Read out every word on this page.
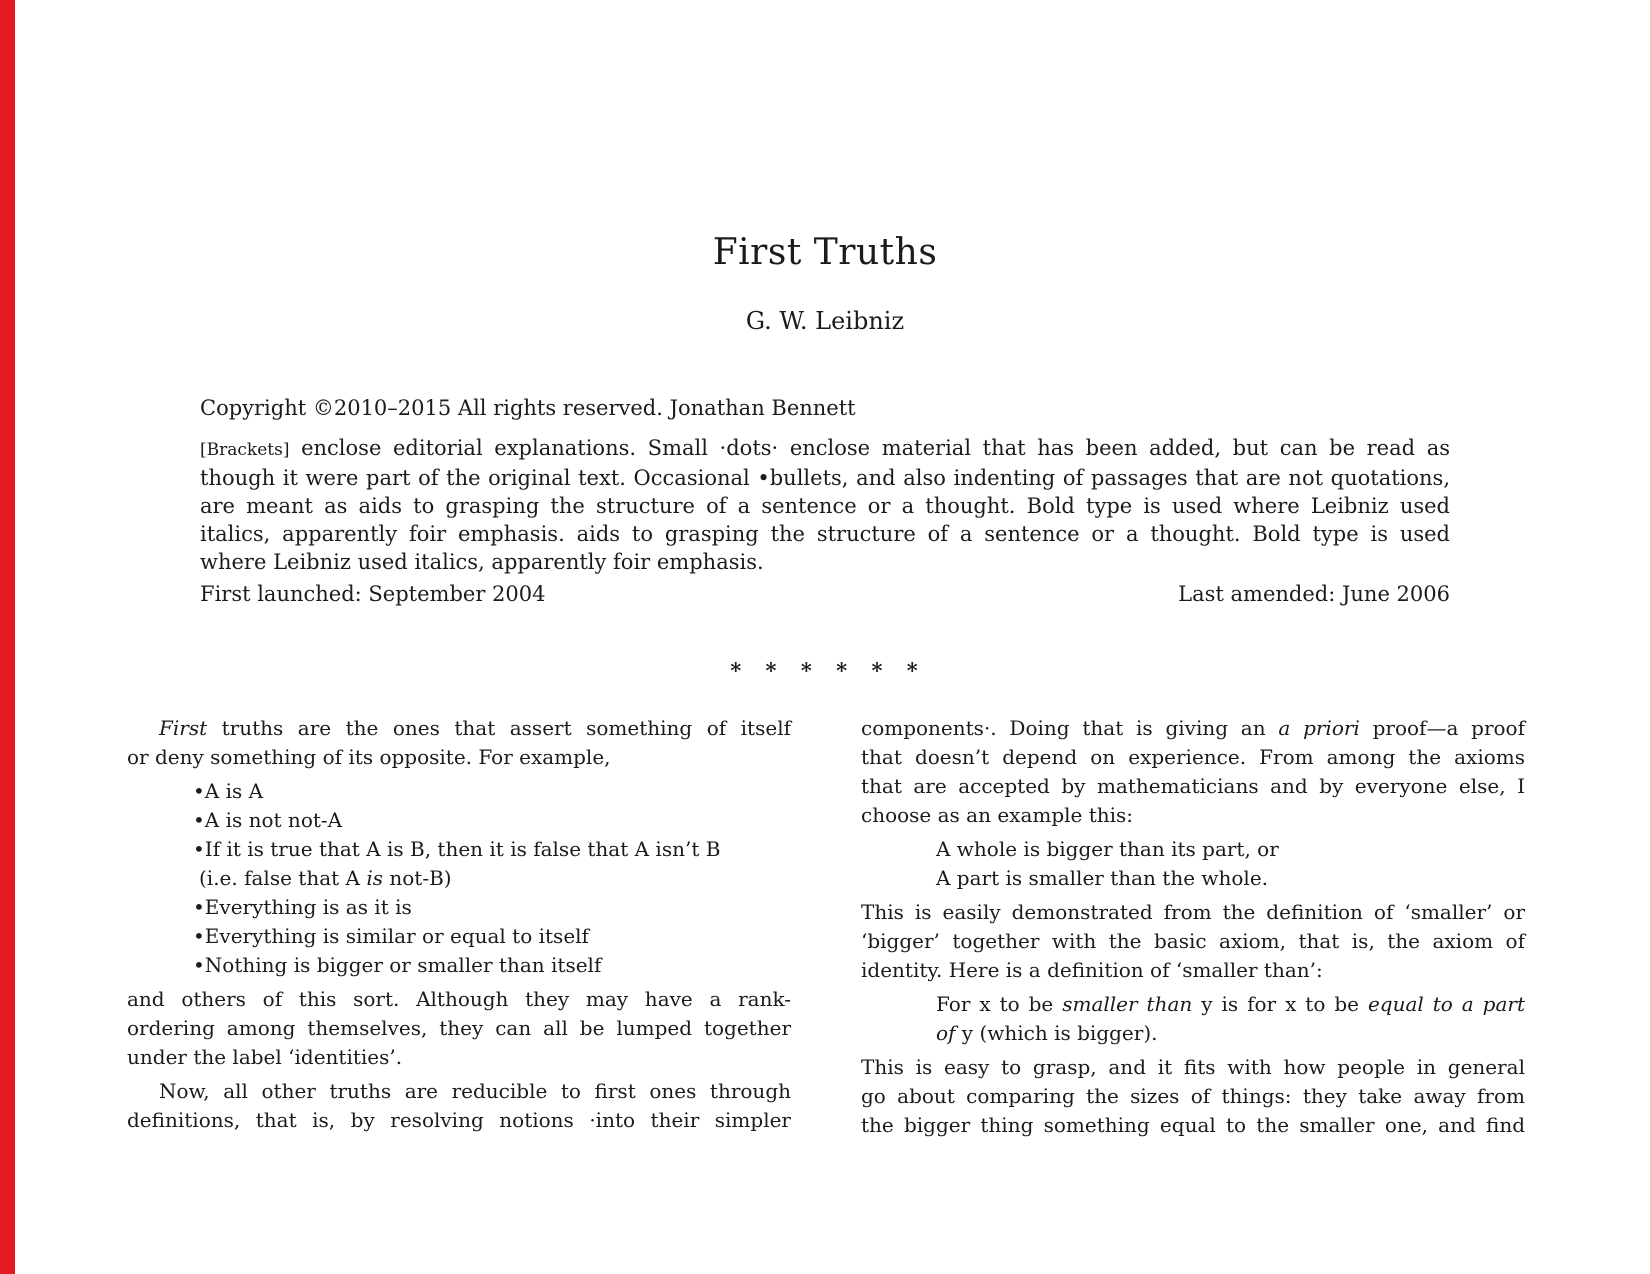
First Truths
G. W. Leibniz
Copyright ©2010–2015 All rights reserved. Jonathan Bennett
[Brackets] enclose editorial explanations. Small ·dots· enclose material that has been added, but can be read as
though it were part of the original text. Occasional •bullets, and also indenting of passages that are not quotations,
are meant as aids to grasping the structure of a sentence or a thought. Bold type is used where Leibniz used
italics, apparently foir emphasis. aids to grasping the structure of a sentence or a thought. Bold type is used
where Leibniz used italics, apparently foir emphasis.
First launched: September 2004	Last amended: June 2006
* * * * * *
First truths are the ones that assert something of itself
or deny something of its opposite. For example,
•A is A
•A is not not-A
•If it is true that A is B, then it is false that A isn’t B
(i.e. false that A is not-B)
•Everything is as it is
•Everything is similar or equal to itself
•Nothing is bigger or smaller than itself
and others of this sort. Although they may have a rank-
ordering among themselves, they can all be lumped together
under the label ‘identities’.
Now, all other truths are reducible to first ones through
definitions, that is, by resolving notions ·into their simpler
components·. Doing that is giving an a priori proof—a proof
that doesn’t depend on experience. From among the axioms
that are accepted by mathematicians and by everyone else, I
choose as an example this:
A whole is bigger than its part, or
A part is smaller than the whole.
This is easily demonstrated from the definition of ‘smaller’ or
‘bigger’ together with the basic axiom, that is, the axiom of
identity. Here is a definition of ‘smaller than’:
For x to be smaller than y is for x to be equal to a part
of y (which is bigger).
This is easy to grasp, and it fits with how people in general
go about comparing the sizes of things: they take away from
the bigger thing something equal to the smaller one, and find
